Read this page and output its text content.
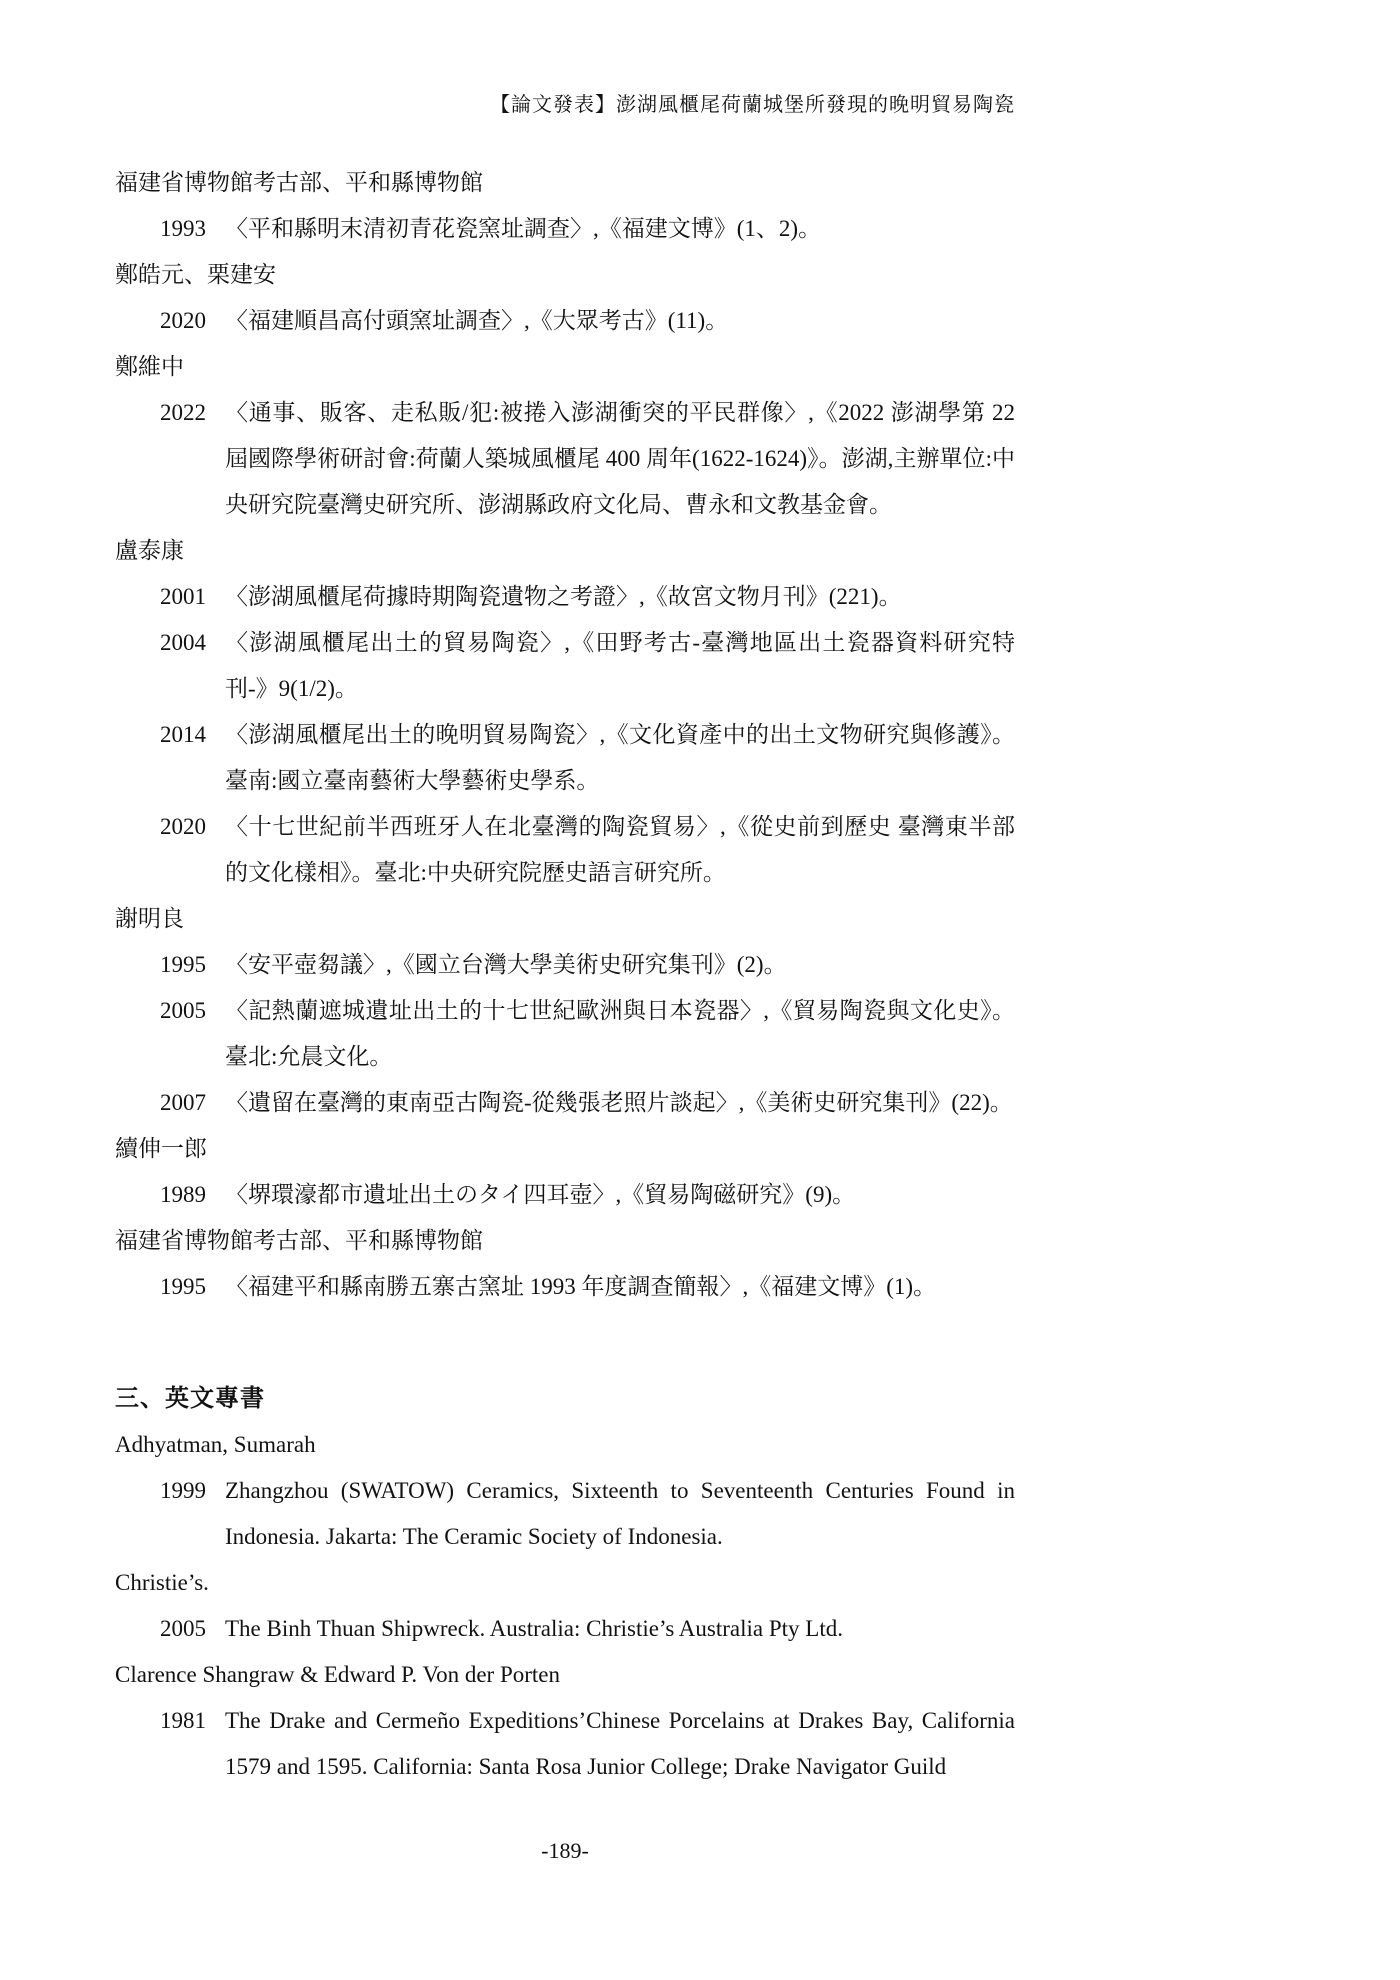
【論文發表】澎湖風櫃尾荷蘭城堡所發現的晚明貿易陶瓷
福建省博物館考古部、平和縣博物館
1993 〈平和縣明末清初青花瓷窯址調查〉,《福建文博》(1、2)。
鄭皓元、栗建安
2020 〈福建順昌高付頭窯址調查〉,《大眾考古》(11)。
鄭維中
2022 〈通事、販客、走私販/犯:被捲入澎湖衝突的平民群像〉,《2022 澎湖學第 22 屆國際學術研討會:荷蘭人築城風櫃尾 400 周年(1622-1624)》。澎湖,主辦單位:中央研究院臺灣史研究所、澎湖縣政府文化局、曹永和文教基金會。
盧泰康
2001 〈澎湖風櫃尾荷據時期陶瓷遺物之考證〉,《故宮文物月刊》(221)。
2004 〈澎湖風櫃尾出土的貿易陶瓷〉,《田野考古-臺灣地區出土瓷器資料研究特刊-》9(1/2)。
2014 〈澎湖風櫃尾出土的晚明貿易陶瓷〉,《文化資產中的出土文物研究與修護》。臺南:國立臺南藝術大學藝術史學系。
2020 〈十七世紀前半西班牙人在北臺灣的陶瓷貿易〉,《從史前到歷史 臺灣東半部的文化樣相》。臺北:中央研究院歷史語言研究所。
謝明良
1995 〈安平壺芻議〉,《國立台灣大學美術史研究集刊》(2)。
2005 〈記熱蘭遮城遺址出土的十七世紀歐洲與日本瓷器〉,《貿易陶瓷與文化史》。臺北:允晨文化。
2007 〈遺留在臺灣的東南亞古陶瓷-從幾張老照片談起〉,《美術史研究集刊》(22)。
續伸一郎
1989 〈堺環濠都市遺址出土のタイ四耳壺〉,《貿易陶磁研究》(9)。
福建省博物館考古部、平和縣博物館
1995 〈福建平和縣南勝五寨古窯址 1993 年度調查簡報〉,《福建文博》(1)。
三、英文專書
Adhyatman, Sumarah
1999 Zhangzhou (SWATOW) Ceramics, Sixteenth to Seventeenth Centuries Found in Indonesia. Jakarta: The Ceramic Society of Indonesia.
Christie’s.
2005 The Binh Thuan Shipwreck. Australia: Christie’s Australia Pty Ltd.
Clarence Shangraw & Edward P. Von der Porten
1981 The Drake and Cermeño Expeditions’Chinese Porcelains at Drakes Bay, California 1579 and 1595. California: Santa Rosa Junior College; Drake Navigator Guild
-189-
